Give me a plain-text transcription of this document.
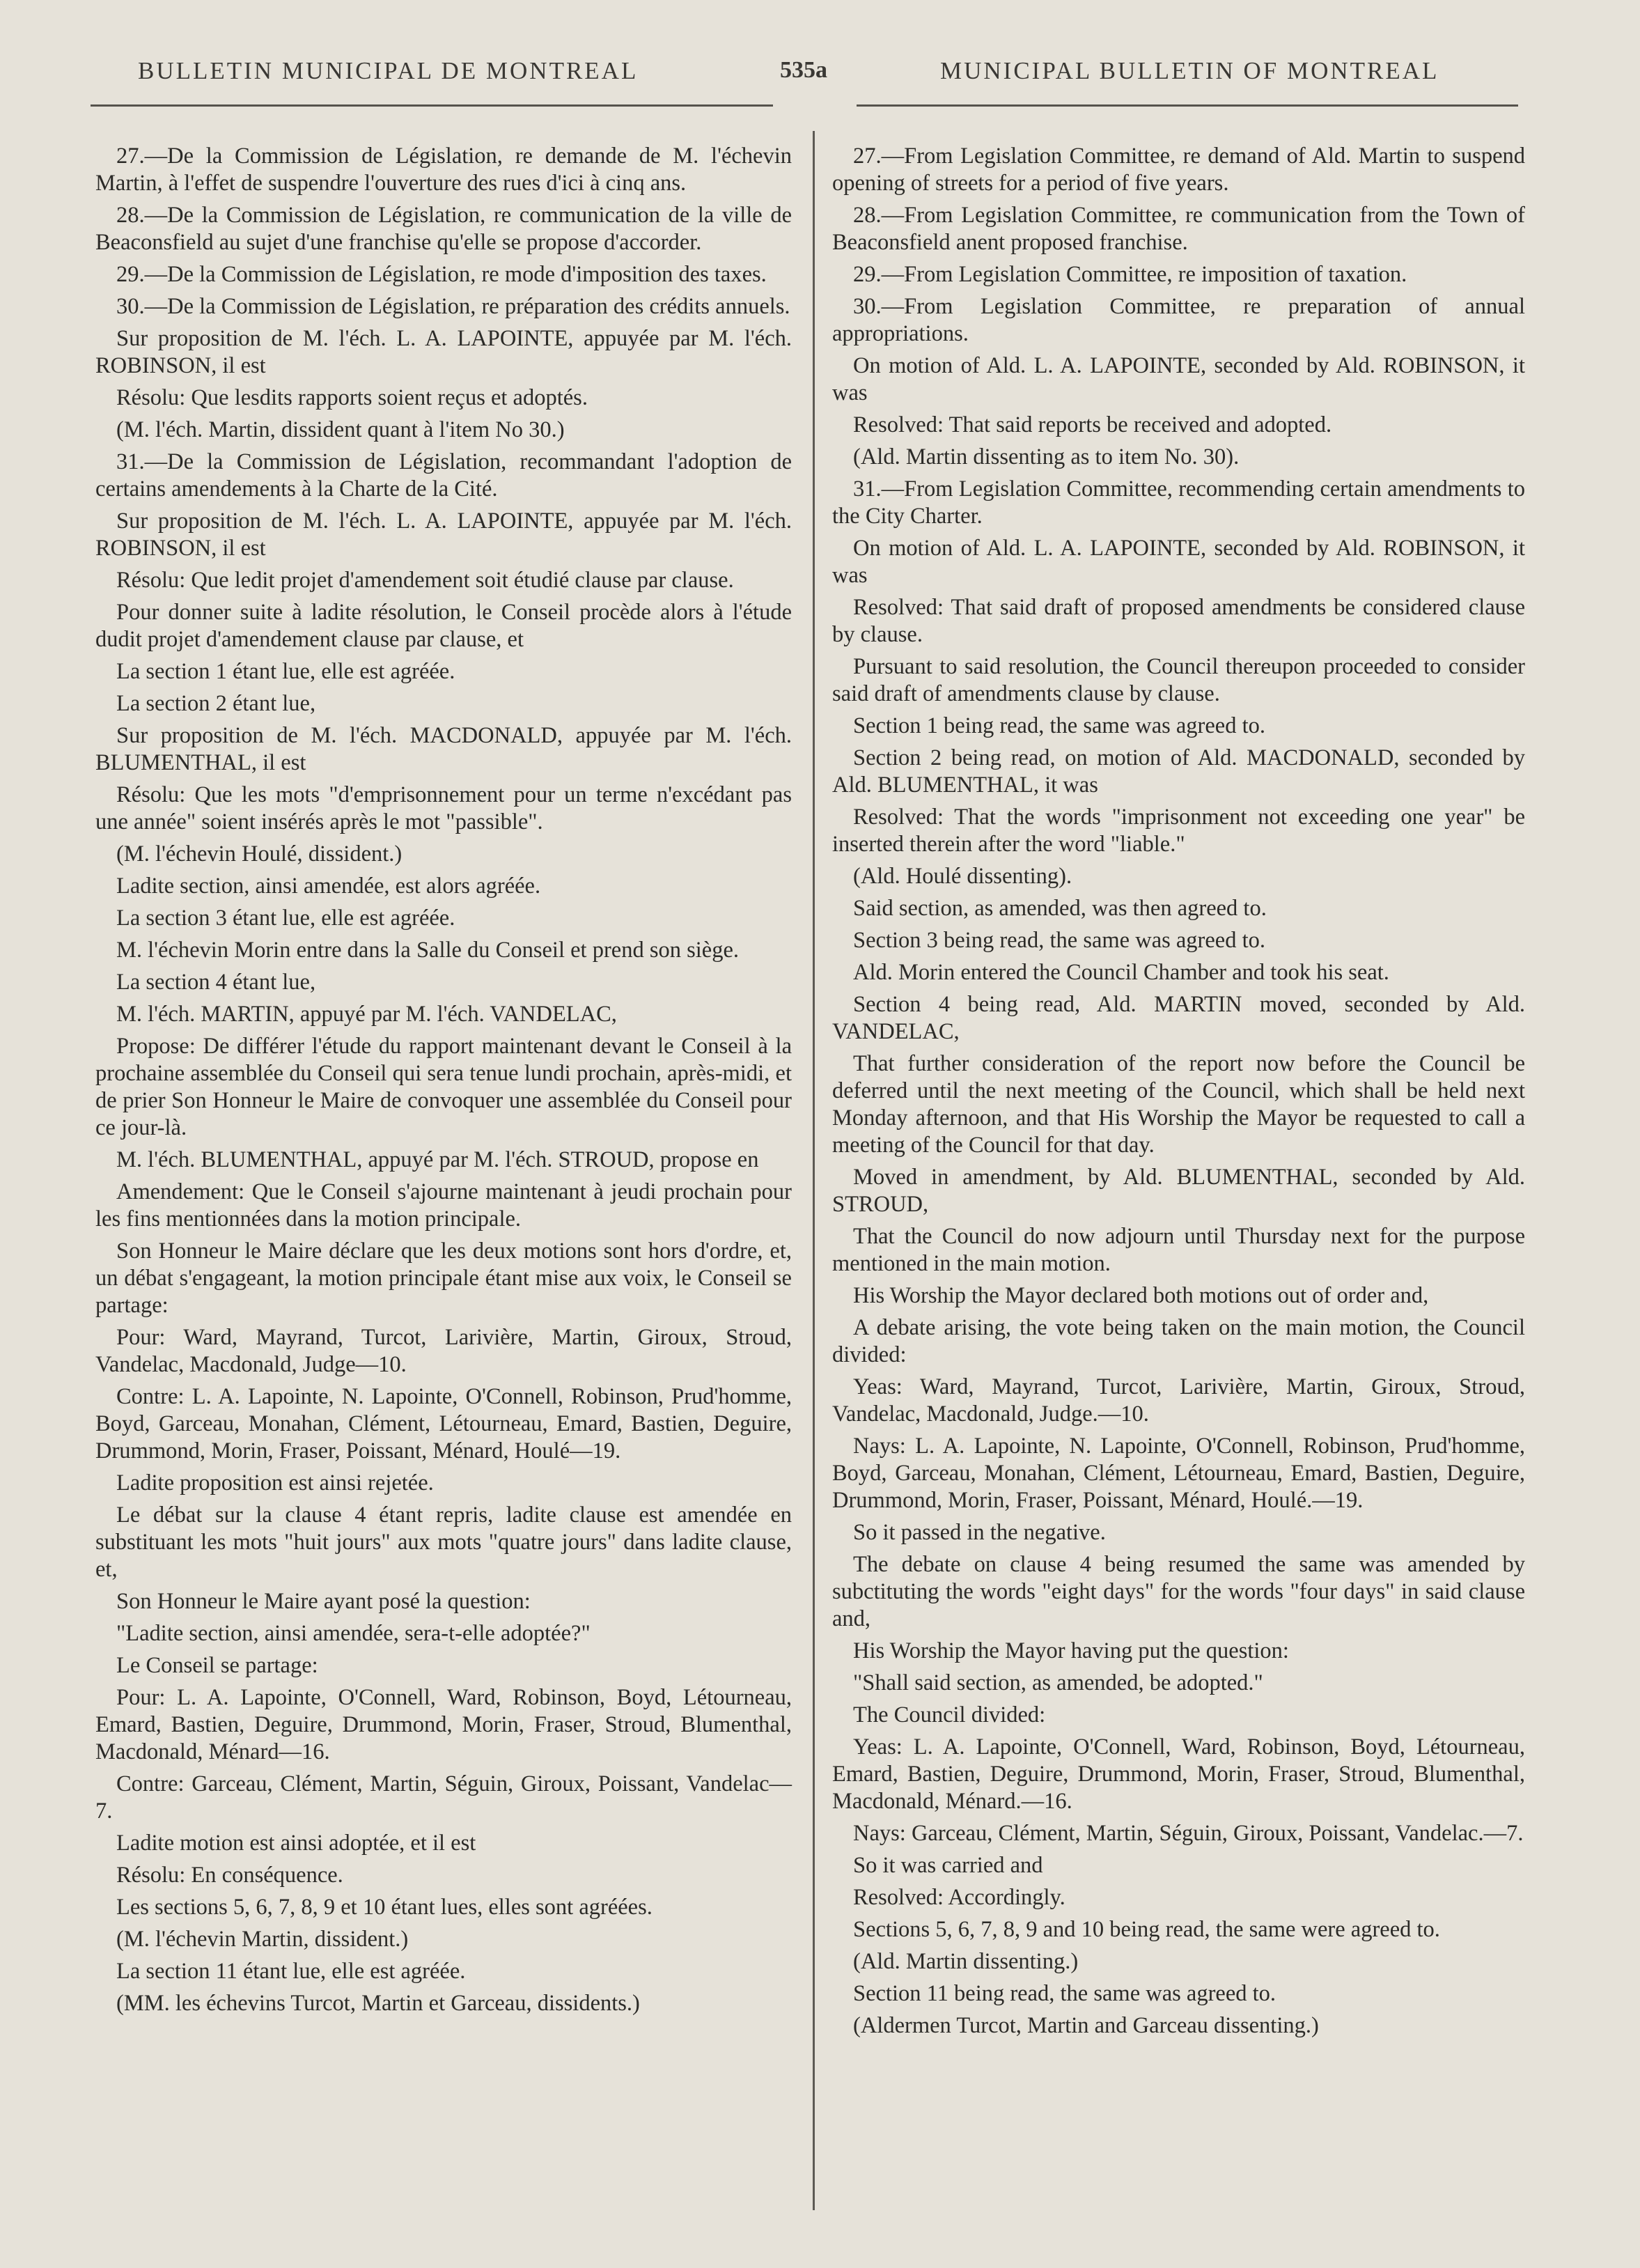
BULLETIN MUNICIPAL DE MONTREAL	535a	MUNICIPAL BULLETIN OF MONTREAL

27.—De la Commission de Législation, re demande de M. l'échevin Martin, à l'effet de suspendre l'ouverture des rues d'ici à cinq ans.

28.—De la Commission de Législation, re communication de la ville de Beaconsfield au sujet d'une franchise qu'elle se propose d'accorder.

29.—De la Commission de Législation, re mode d'imposition des taxes.

30.—De la Commission de Législation, re préparation des crédits annuels.

Sur proposition de M. l'éch. L. A. LAPOINTE, appuyée par M. l'éch. ROBINSON, il est

Résolu: Que lesdits rapports soient reçus et adoptés.

(M. l'éch. Martin, dissident quant à l'item No 30.)

31.—De la Commission de Législation, recommandant l'adoption de certains amendements à la Charte de la Cité.

Sur proposition de M. l'éch. L. A. LAPOINTE, appuyée par M. l'éch. ROBINSON, il est

Résolu: Que ledit projet d'amendement soit étudié clause par clause.

Pour donner suite à ladite résolution, le Conseil procède alors à l'étude dudit projet d'amendement clause par clause, et

La section 1 étant lue, elle est agréée.

La section 2 étant lue,

Sur proposition de M. l'éch. MACDONALD, appuyée par M. l'éch. BLUMENTHAL, il est

Résolu: Que les mots "d'emprisonnement pour un terme n'excédant pas une année" soient insérés après le mot "passible".

(M. l'échevin Houlé, dissident.)

Ladite section, ainsi amendée, est alors agréée.

La section 3 étant lue, elle est agréée.

M. l'échevin Morin entre dans la Salle du Conseil et prend son siège.

La section 4 étant lue,

M. l'éch. MARTIN, appuyé par M. l'éch. VANDELAC,

Propose: De différer l'étude du rapport maintenant devant le Conseil à la prochaine assemblée du Conseil qui sera tenue lundi prochain, après-midi, et de prier Son Honneur le Maire de convoquer une assemblée du Conseil pour ce jour-là.

M. l'éch. BLUMENTHAL, appuyé par M. l'éch. STROUD, propose en

Amendement: Que le Conseil s'ajourne maintenant à jeudi prochain pour les fins mentionnées dans la motion principale.

Son Honneur le Maire déclare que les deux motions sont hors d'ordre, et, un débat s'engageant, la motion principale étant mise aux voix, le Conseil se partage:

Pour: Ward, Mayrand, Turcot, Larivière, Martin, Giroux, Stroud, Vandelac, Macdonald, Judge—10.

Contre: L. A. Lapointe, N. Lapointe, O'Connell, Robinson, Prud'homme, Boyd, Garceau, Monahan, Clément, Létourneau, Emard, Bastien, Deguire, Drummond, Morin, Fraser, Poissant, Ménard, Houlé—19.

Ladite proposition est ainsi rejetée.

Le débat sur la clause 4 étant repris, ladite clause est amendée en substituant les mots "huit jours" aux mots "quatre jours" dans ladite clause, et,

Son Honneur le Maire ayant posé la question:

"Ladite section, ainsi amendée, sera-t-elle adoptée?"

Le Conseil se partage:

Pour: L. A. Lapointe, O'Connell, Ward, Robinson, Boyd, Létourneau, Emard, Bastien, Deguire, Drummond, Morin, Fraser, Stroud, Blumenthal, Macdonald, Ménard—16.

Contre: Garceau, Clément, Martin, Séguin, Giroux, Poissant, Vandelac—7.

Ladite motion est ainsi adoptée, et il est

Résolu: En conséquence.

Les sections 5, 6, 7, 8, 9 et 10 étant lues, elles sont agréées.

(M. l'échevin Martin, dissident.)

La section 11 étant lue, elle est agréée.

(MM. les échevins Turcot, Martin et Garceau, dissidents.)

27.—From Legislation Committee, re demand of Ald. Martin to suspend opening of streets for a period of five years.

28.—From Legislation Committee, re communication from the Town of Beaconsfield anent proposed franchise.

29.—From Legislation Committee, re imposition of taxation.

30.—From Legislation Committee, re preparation of annual appropriations.

On motion of Ald. L. A. LAPOINTE, seconded by Ald. ROBINSON, it was

Resolved: That said reports be received and adopted.

(Ald. Martin dissenting as to item No. 30).

31.—From Legislation Committee, recommending certain amendments to the City Charter.

On motion of Ald. L. A. LAPOINTE, seconded by Ald. ROBINSON, it was

Resolved: That said draft of proposed amendments be considered clause by clause.

Pursuant to said resolution, the Council thereupon proceeded to consider said draft of amendments clause by clause.

Section 1 being read, the same was agreed to.

Section 2 being read, on motion of Ald. MACDONALD, seconded by Ald. BLUMENTHAL, it was

Resolved: That the words "imprisonment not exceeding one year" be inserted therein after the word "liable."

(Ald. Houlé dissenting).

Said section, as amended, was then agreed to.

Section 3 being read, the same was agreed to.

Ald. Morin entered the Council Chamber and took his seat.

Section 4 being read, Ald. MARTIN moved, seconded by Ald. VANDELAC,

That further consideration of the report now before the Council be deferred until the next meeting of the Council, which shall be held next Monday afternoon, and that His Worship the Mayor be requested to call a meeting of the Council for that day.

Moved in amendment, by Ald. BLUMENTHAL, seconded by Ald. STROUD,

That the Council do now adjourn until Thursday next for the purpose mentioned in the main motion.

His Worship the Mayor declared both motions out of order and,

A debate arising, the vote being taken on the main motion, the Council divided:

Yeas: Ward, Mayrand, Turcot, Larivière, Martin, Giroux, Stroud, Vandelac, Macdonald, Judge.—10.

Nays: L. A. Lapointe, N. Lapointe, O'Connell, Robinson, Prud'homme, Boyd, Garceau, Monahan, Clément, Létourneau, Emard, Bastien, Deguire, Drummond, Morin, Fraser, Poissant, Ménard, Houlé.—19.

So it passed in the negative.

The debate on clause 4 being resumed the same was amended by subctituting the words "eight days" for the words "four days" in said clause and,

His Worship the Mayor having put the question:

"Shall said section, as amended, be adopted."

The Council divided:

Yeas: L. A. Lapointe, O'Connell, Ward, Robinson, Boyd, Létourneau, Emard, Bastien, Deguire, Drummond, Morin, Fraser, Stroud, Blumenthal, Macdonald, Ménard.—16.

Nays: Garceau, Clément, Martin, Séguin, Giroux, Poissant, Vandelac.—7.

So it was carried and

Resolved: Accordingly.

Sections 5, 6, 7, 8, 9 and 10 being read, the same were agreed to.

(Ald. Martin dissenting.)

Section 11 being read, the same was agreed to.

(Aldermen Turcot, Martin and Garceau dissenting.)
